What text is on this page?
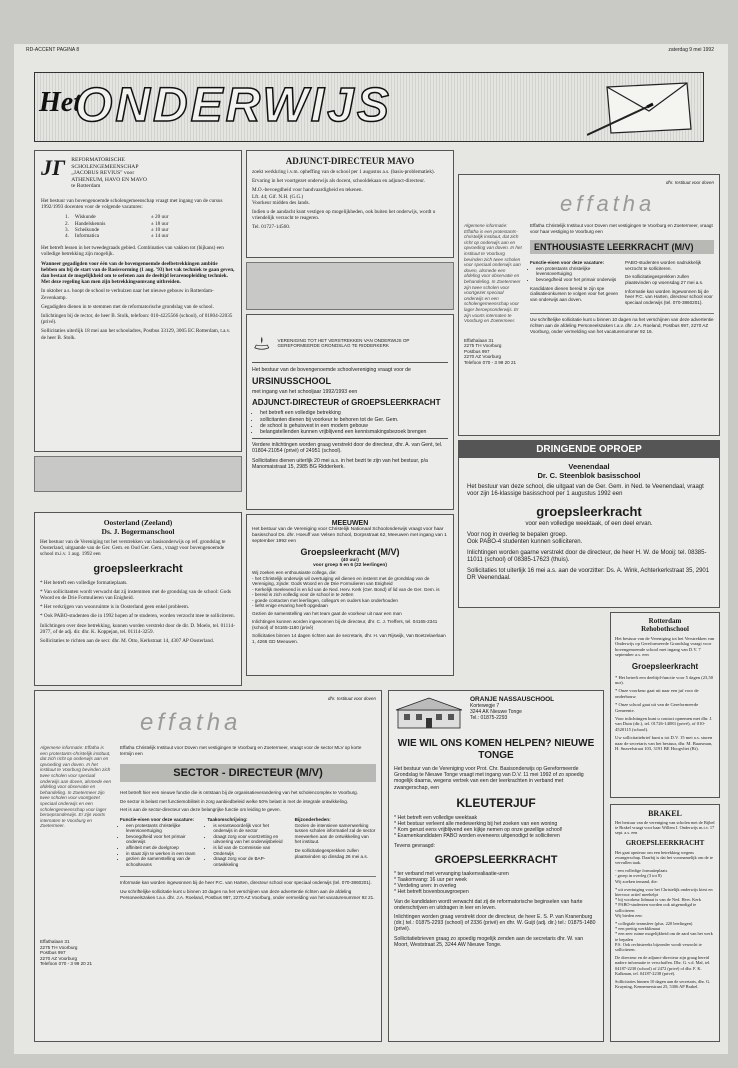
RD-ACCENT PAGINA 8	zaterdag 9 mei 1992
Het
ONDERWIJS
JΓ REFORMATORISCHE
SCHOLENGEMEENSCHAP
„JACOBUS REVIUS" voor
ATHENEUM, HAVO EN MAVO
te Rotterdam

Het bestuur van bovengenoemde scholengemeenschap vraagt met ingang van de cursus 1992/1993 docenten voor de volgende vacatures:

1. Wiskunde	± 20 uur
2. Handelskennis	± 18 uur
3. Scheikunde	± 10 uur
4. Informatica	± 14 uur

Het betreft lessen in het tweedegraads gebied. Combinaties van vakken tot (bijkans) een volledige betrekking zijn mogelijk.

Wanneer gegadigden voor één van de bovengenoemde deelbetrekkingen ambitie hebben om bij de start van de Basisvorming (1 aug. '93) het vak techniek te gaan geven, dan bestaat de mogelijkheid om te oefenen aan de deeltijd lerarenopleiding techniek. Met deze regeling kan men zijn betrekkingsomvang uitbreiden.

In oktober a.s. hoopt de school te verhuizen naar het nieuwe gebouw in Rotterdam-Zevenkamp.

Gegadigden dienen in te stemmen met de reformatorische grondslag van de school.

Inlichtingen bij de rector, de heer B. Stolk, telefoon: 010-4225566 (school), of 01804-22035 (privé).

Sollicitaties uiterlijk 18 mei aan het schooladres, Postbus 33129, 3005 EC Rotterdam, t.a.v. de heer B. Stolk.

ADJUNCT-DIRECTEUR MAVO

zoekt werkkring i.v.m. opheffing van de school per 1 augustus a.s. (basis-problematiek).

Ervaring in het voortgezet onderwijs als docent, schooldekaan en adjunct-directeur.

M.O.-bevoegdheid voor handvaardigheid en tekenen.
Lft. 44; Gif. N.H. (G.G.)

Voorkeur midden des lands.

Indien u de aandacht kunt vestigen op mogelijkheden, ook buiten het onderwijs, wordt u vriendelijk verzocht te reageren.

Tel. 01727-14560.
VERENIGING TOT HET VERSTREKKEN VAN ONDERWIJS OP GEREFORMEERDE GRONDSLAG TE RIDDERKERK
Het bestuur van de bovengenoemde schoolvereniging vraagt voor de
URSINUSSCHOOL
met ingang van het schooljaar 1992/1993 een
ADJUNCT-DIRECTEUR of GROEPSLEERKRACHT
• het betreft een volledige betrekking
• sollicitanten dienen bij voorkeur te behoren tot de Ger. Gem.
• de school is gehuisvest in een modern gebouw
• belangstellenden kunnen vrijblijvend een kennismakingsbezoek brengen

Verdere inlichtingen worden graag verstrekt door de directeur, dhr. A. van Gent, tel. 01804-21054 (privé) of 24951 (school).

Sollicitaties dienen uiterlijk 20 mei a.s. in het bezit te zijn van het bestuur, p/a Manomaistraat 15, 2985 BG Ridderkerk.

dhr. Instituut voor doven
effatha
Algemene informatie: Effatha is een protestants-christelijk instituut, dat zich richt op onderwijs aan en opvoeding van doven. In het instituut te Voorburg bevinden zich twee scholen voor speciaal onderwijs aan doven, alsmede een afdeling voor observatie en behandeling. In Zoetermeer zijn twee scholen voor voortgezet speciaal onderwijs en een scholengemeenschap voor lager beroepsonderwijs. Er zijn voorts internaten te Voorburg en Zoetermeer.
Effathalaan 31
2275 TH Voorburg
Postbus 997
2270 AZ Voorburg
Telefoon 070 - 3 99 20 21
Effatha Christelijk Instituut voor Doven met vestigingen te Voorburg en Zoetermeer, vraagt voor haar vestiging te Voorburg een
ENTHOUSIASTE LEERKRACHT (M/V)
Functie-eisen voor deze vacature:
• een protestants christelijke levensovertuiging
• bevoegdheid voor het primair onderwijs

Kandidaten dienen bereid te zijn spe cialisatieonkursen te volgen voor het geven van onderwijs aan doven.

PABO-studenten worden nadrukkelijk verzocht te solliciteren.

De sollicitatiegesprekken zullen plaatsvinden op woensdag 27 mei a.s.

Informatie kan worden ingewonnen bij de heer P.C. van Harten, directeur school voor speciaal onderwijs (tel. 070-3860201).

Uw schriftelijke sollicitatie kunt u binnen 10 dagen na het verschijnen van deze advertentie richten aan de afdeling Personeelszaken t.a.v. dhr. J.A. Roeland, Postbus 997, 2270 AZ Voorburg, onder vermelding van het vacaturenummer 92 16.
DRINGENDE OPROEP
Veenendaal
Dr. C. Steenblok basisschool
Het bestuur van deze school, die uitgaat van de Ger. Gem. in Ned. te Veenendaal, vraagt voor zijn 16-klassige basisschool per 1 augustus 1992 een
groepsleerkracht
voor een volledige weektaak, of een deel ervan.
Voor nog in overleg te bepalen groep.
Ook PABO-4 studenten kunnen solliciteren.
Inlichtingen worden gaarne verstrekt door de directeur, de heer H. W. de Mooij: tel. 08385-11011 (school) of 08385-17623 (thuis).
Sollicitaties tot uiterlijk 16 mei a.s. aan de voorzitter: Ds. A. Wink, Achterkerkstraat 35, 2901 DR Veenendaal.
Oosterland (Zeeland)
Ds. J. Bogermanschool
Het bestuur van de Vereniging tot het verstrekken van basisonderwijs op ref. grondslag te Oosterland, uitgaande van de Ger. Gem. en Oud Ger. Gem., vraagt voor bovengenoemde school m.i.v. 1 aug. 1992 een
groepsleerkracht

* Het betreft een volledige formatieplaats.

* Van sollicitanten wordt verwacht dat zij instemmen met de grondslag van de school: Gods Woord en de Drie Formulieren van Enigheid.

* Het verkrijgen van woonruimte is in Oosterland geen enkel probleem.

* Ook PABO-studenten die in 1992 hopen af te studeren, worden verzocht mee te solliciteren.

Inlichtingen over deze betrekking, kunnen worden verstrekt door de dir. D. Moelo, tel. 01114-2077, of de adj. dir. dhr. K. Koppejan, tel. 01114-3259.

Sollicitaties te richten aan de secr. dhr. M. Otto, Kerkstraat 14, 4307 AP Oosterland.

MEEUWEN
Het bestuur van de Vereniging voor Christelijk Nationaal Schoolonderwijs vraagt voor haar basisschool Ds. dhr. Hoeuff van Velsen School, Dorpsstraat 62, Meeuwen met ingang van 1 september 1992 een
Groepsleerkracht (M/V)
(40 uur)
voor groep 5 en 6 (22 leerlingen)
Wij zoeken een enthousiaste collega, die:
- het Christelijk onderwijs wil overtuiging wil dienen en instemt met de grondslag van de Vereniging, zijnde: Gods Woord en de Drie Formulieren van Enigheid
- Kerkelijk meelevend is en lid van de Ned. Herv. Kerk (Ger. Bond) of lid van de Ger. Gem. is
- bereid is zich volledig voor de school in te zetten
- goede contacten met leerlingen, collega's en ouders kan onderhouden
- liefst enige ervaring heeft opgedaan

Gezien de samenstelling van het team gaat de voorkeur uit naar een man

Inlichtingen kunnen worden ingewonnen bij de directeur, dhr. C. J. Treffers, tel. 04165-2341 (school) of 04165-1180 (privé)

Sollicitaties binnen 14 dagen richten aan de secretaris, dhr. H. van Rijswijk, Van Boetzelaerlaan 1, 4266 GD Meeuwen.

Rotterdam
Rehobothschool
Het bestuur van de Vereniging tot het Verstrekken van Onderwijs op Gereformeerde Grondslag vraagt voor bovengenoemde school met ingang van D.V. 7 september a.s. een
Groepsleerkracht

* Het betreft een deeltijd-functie voor 5 dagen (23,50 uur).

* Onze voorkeur gaat uit naar een juf voor de onderbouw.

* Onze school gaat uit van de Gereformeerde Gemeente.

Voor inlichtingen kunt u contact opnemen met dhr. J. van Duin (dir.), tel. 01726-14083 (privé), of 010-4520115 (school).

Uw sollicitatiebrief kunt u tot D.V. 15 mei a.s. sturen naar de secretaris van het bestuur, dhr. M. Baarsman, H. Snavelstraat 103, 3191 BE Hoogvliet (Rt).

dhr. Instituut voor doven
effatha
Algemene informatie: Effatha is een protestants-christelijk instituut, dat zich richt op onderwijs aan en opvoeding van doven. In het instituut te Voorburg bevinden zich twee scholen voor speciaal onderwijs aan doven, alsmede een afdeling voor observatie en behandeling. In Zoetermeer zijn twee scholen voor voortgezet speciaal onderwijs en een scholengemeenschap voor lager beroepsonderwijs. Er zijn voorts internaten te Voorburg en Zoetermeer.
Effathalaan 31
2275 TH Voorburg
Postbus 997
2270 AZ Voorburg
Telefoon 070 - 3 99 20 21
Effatha Christelijk Instituut voor Doven met vestigingen te Voorburg en Zoetermeer, vraagt voor de sector MLV op korte termijn een
SECTOR - DIRECTEUR (M/V)

Het betreft hier een nieuwe functie die is ontstaan bij de organisatieverandering van het scholencomplex te Voorburg.

De sector is belast met functiemobiliteit in zorg aanbiedbeleid welke 50% belast is met de integrale ontwikkeling.

Het is aan de sector-directeur van deze belangrijke functie om leiding te geven.

Functie-eisen voor deze vacature:
• een protestants christelijke levensovertuiging
• bevoegdheid voor het primair onderwijs
• affiniteit met de doelgroep
• in staat zijn te werken in een team
• gezien de samenstelling van de schoolteams
Taakomschrijving:
• is verantwoordelijk voor het onderwijs in de sector
• draagt zorg voor voortzetting en uitvoering van het onderwijsbeleid
• is lid van de Commissie van Onderwijs
• draagt zorg voor de BAP-ontwikkeling
Bijzonderheden:

Gezien de intensieve samenwerking tussen scholen informatief zal de sector meewerken aan de ontwikkeling van het instituut.

De sollicitatiegesprekken zullen plaatsvinden op dinsdag 26 mei a.s.

Informatie kan worden ingewonnen bij de heer P.C. van Harten, directeur school voor speciaal onderwijs (tel. 070-3860201).

Uw schriftelijke sollicitatie kunt u binnen 10 dagen na het verschijnen van deze advertentie richten aan de afdeling Personeelszaken t.a.v. dhr. J.A. Roeland, Postbus 997, 2270 AZ Voorburg, onder vermelding van het vacaturenummer 92 21.

ORANJE NASSAUSCHOOL
Kortewegje 7
3244 AK Nieuwe Tonge
Tel.: 01875-2293
WIE WIL ONS KOMEN HELPEN? NIEUWE TONGE
Het bestuur van de Vereniging voor Prot. Chr. Basisonderwijs op Gereformeerde Grondslag te Nieuwe Tonge vraagt met ingang van D.V. 11 mei 1992 of zo spoedig mogelijk daarna, wegens vertrek van een der leerkrachten in verband met zwangerschap, een
KLEUTERJUF
* Het betreft een volledige weektaak
* Het bestuur verleent alle medewerking bij het zoeken van een woning
* Kom gerust eens vrijblijvend een kijkje nemen op onze gezellige school!
* Examenkandidaten PABO worden eveneens uitgenodigd te solliciteren

Tevens gevraagd:

GROEPSLEERKRACHT
* ter verband met vervanging taakenvaliaatie-uren
* Taakomvang: 16 uur per week
* Verdeling uren: in overleg
* Het betreft bovenbouwgroepen

Van de kandidaten wordt verwacht dat zij de reformatorische beginselen van harte onderschrijven en uitdragen in leer en leven.

Inlichtingen worden graag verstrekt door de directeur, de heer E. S. P. van Kranenburg (dir.) tel.: 01875-2293 (school) of 2336 (privé) en dhr. W. Guijt (adj. dir.) tel.: 01875-1480 (privé).

Sollicitatiebrieven graag zo spoedig mogelijk zenden aan de secretaris dhr. W. van Moort, Weststraat 25, 3244 AW Nieuwe Tonge.

BRAKEL
Het bestuur van de vereniging van scholen met de Bijbel te Brakel vraagt voor haar Willem I. Onderwijs m.i.v. 17 sept. a.s. een
GROEPSLEERKRACHT

Het gaat opnieuw om een betrekking wegens zwangerschap. Daarbij is dat het voornamelijk om de te vervullen taak.

- een volledige formatieplaats
- groep in overleg (3 tot 8)

Wij zoeken iemand, die:

* uit overtuiging voor het Christelijk onderwijs kiest en hiervoor actief meehelpt
* bij voorkeur lidmaat is van de Ned. Herv. Kerk
* PABO-studenten worden ook uitgenodigd te solliciteren

Wij bieden een:

* collegiale teamsfeer (plus. 220 leerlingen)
* een prettig werkklimaat
* een zeer ruime mogelijkheid om de aard van het werk te bepalen

P.S. Ook rechtstreeks bijzonder wordt verzocht te solliciteren.

De directeur en de adjunct-directeur zijn graag bereid nadere informatie te verschaffen. Dhr. G. v.d. Mal, tel. 04187-2230 (school) of 2472 (privé) of dhr. F. K. Kalkman, tel. 04187-2238 (privé).

Sollicitaties binnen 10 dagen aan de secretaris, dhr. G. Kruyning, Kennemerstraat 25, 5306 AP Brakel.
